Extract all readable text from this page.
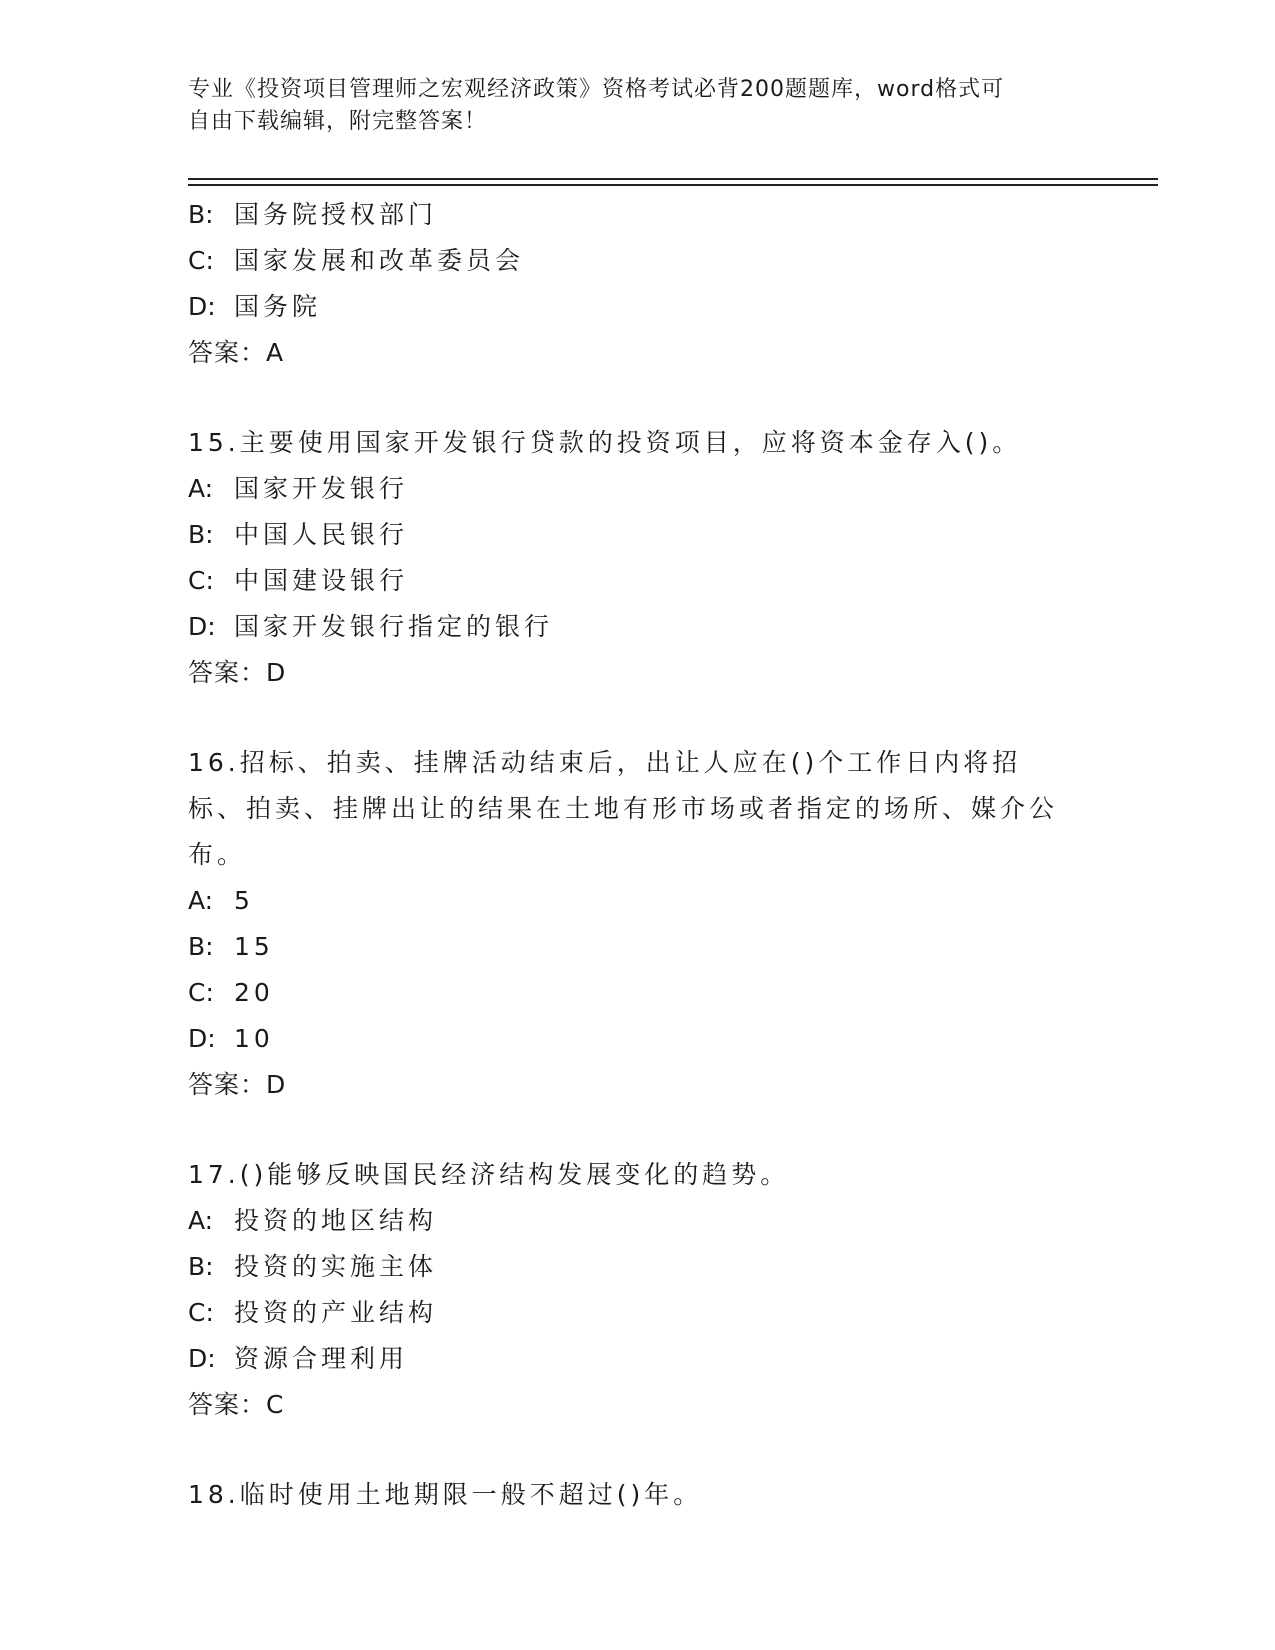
专业《投资项目管理师之宏观经济政策》资格考试必背200题题库，word格式可
自由下载编辑，附完整答案！
B: 国务院授权部门
C: 国家发展和改革委员会
D: 国务院
答案：A
15.主要使用国家开发银行贷款的投资项目，应将资本金存入()。
A: 国家开发银行
B: 中国人民银行
C: 中国建设银行
D: 国家开发银行指定的银行
答案：D
16.招标、拍卖、挂牌活动结束后，出让人应在()个工作日内将招标、拍卖、挂牌出让的结果在土地有形市场或者指定的场所、媒介公布。
A: 5
B: 15
C: 20
D: 10
答案：D
17.()能够反映国民经济结构发展变化的趋势。
A: 投资的地区结构
B: 投资的实施主体
C: 投资的产业结构
D: 资源合理利用
答案：C
18.临时使用土地期限一般不超过()年。
